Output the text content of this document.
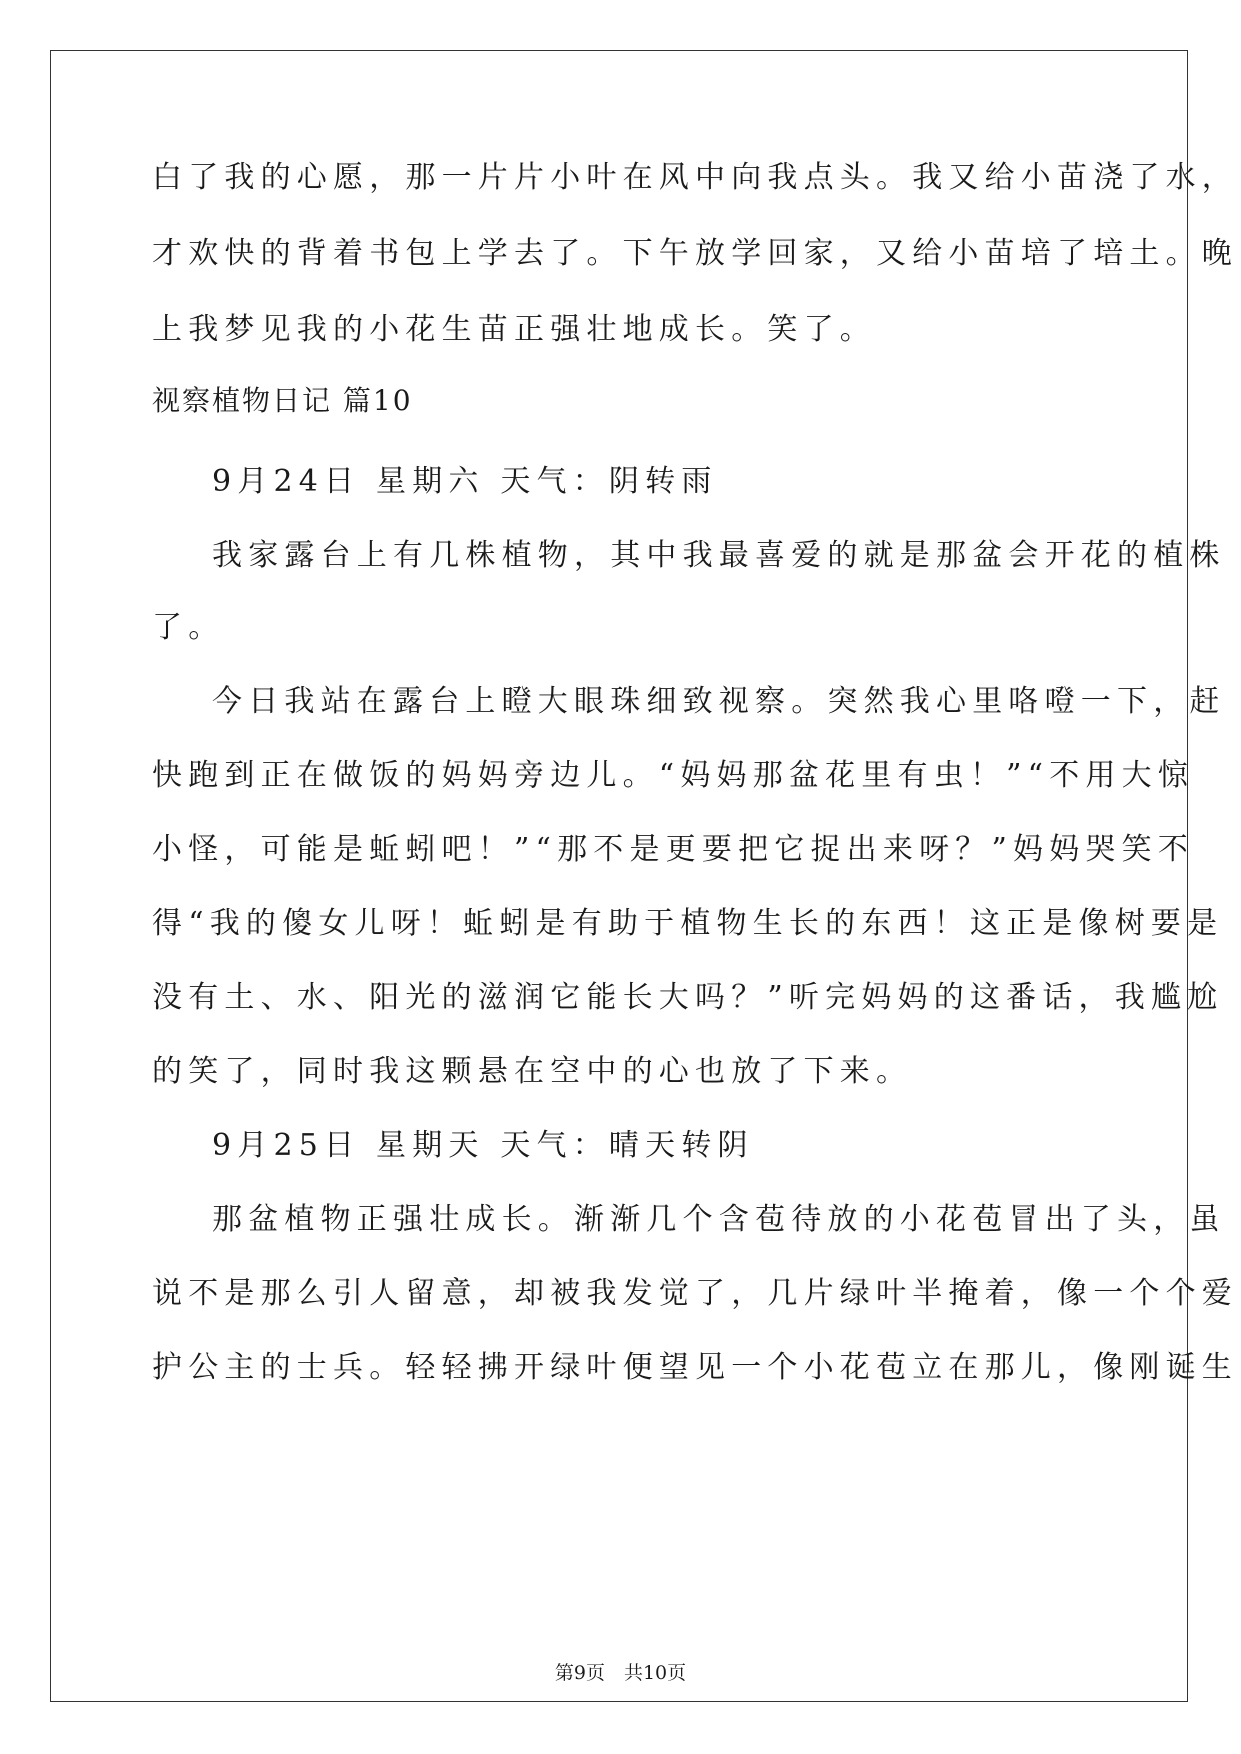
白了我的心愿，那一片片小叶在风中向我点头。我又给小苗浇了水，
才欢快的背着书包上学去了。下午放学回家，又给小苗培了培土。晚
上我梦见我的小花生苗正强壮地成长。笑了。
视察植物日记 篇10
9月24日 星期六 天气：阴转雨
我家露台上有几株植物，其中我最喜爱的就是那盆会开花的植株
了。
今日我站在露台上瞪大眼珠细致视察。突然我心里咯噔一下，赶
快跑到正在做饭的妈妈旁边儿。“妈妈那盆花里有虫！”“不用大惊
小怪，可能是蚯蚓吧！”“那不是更要把它捉出来呀？”妈妈哭笑不
得“我的傻女儿呀！蚯蚓是有助于植物生长的东西！这正是像树要是
没有土、水、阳光的滋润它能长大吗？”听完妈妈的这番话，我尴尬
的笑了，同时我这颗悬在空中的心也放了下来。
9月25日 星期天 天气：晴天转阴
那盆植物正强壮成长。渐渐几个含苞待放的小花苞冒出了头，虽
说不是那么引人留意，却被我发觉了，几片绿叶半掩着，像一个个爱
护公主的士兵。轻轻拂开绿叶便望见一个小花苞立在那儿，像刚诞生
第9页　共10页
